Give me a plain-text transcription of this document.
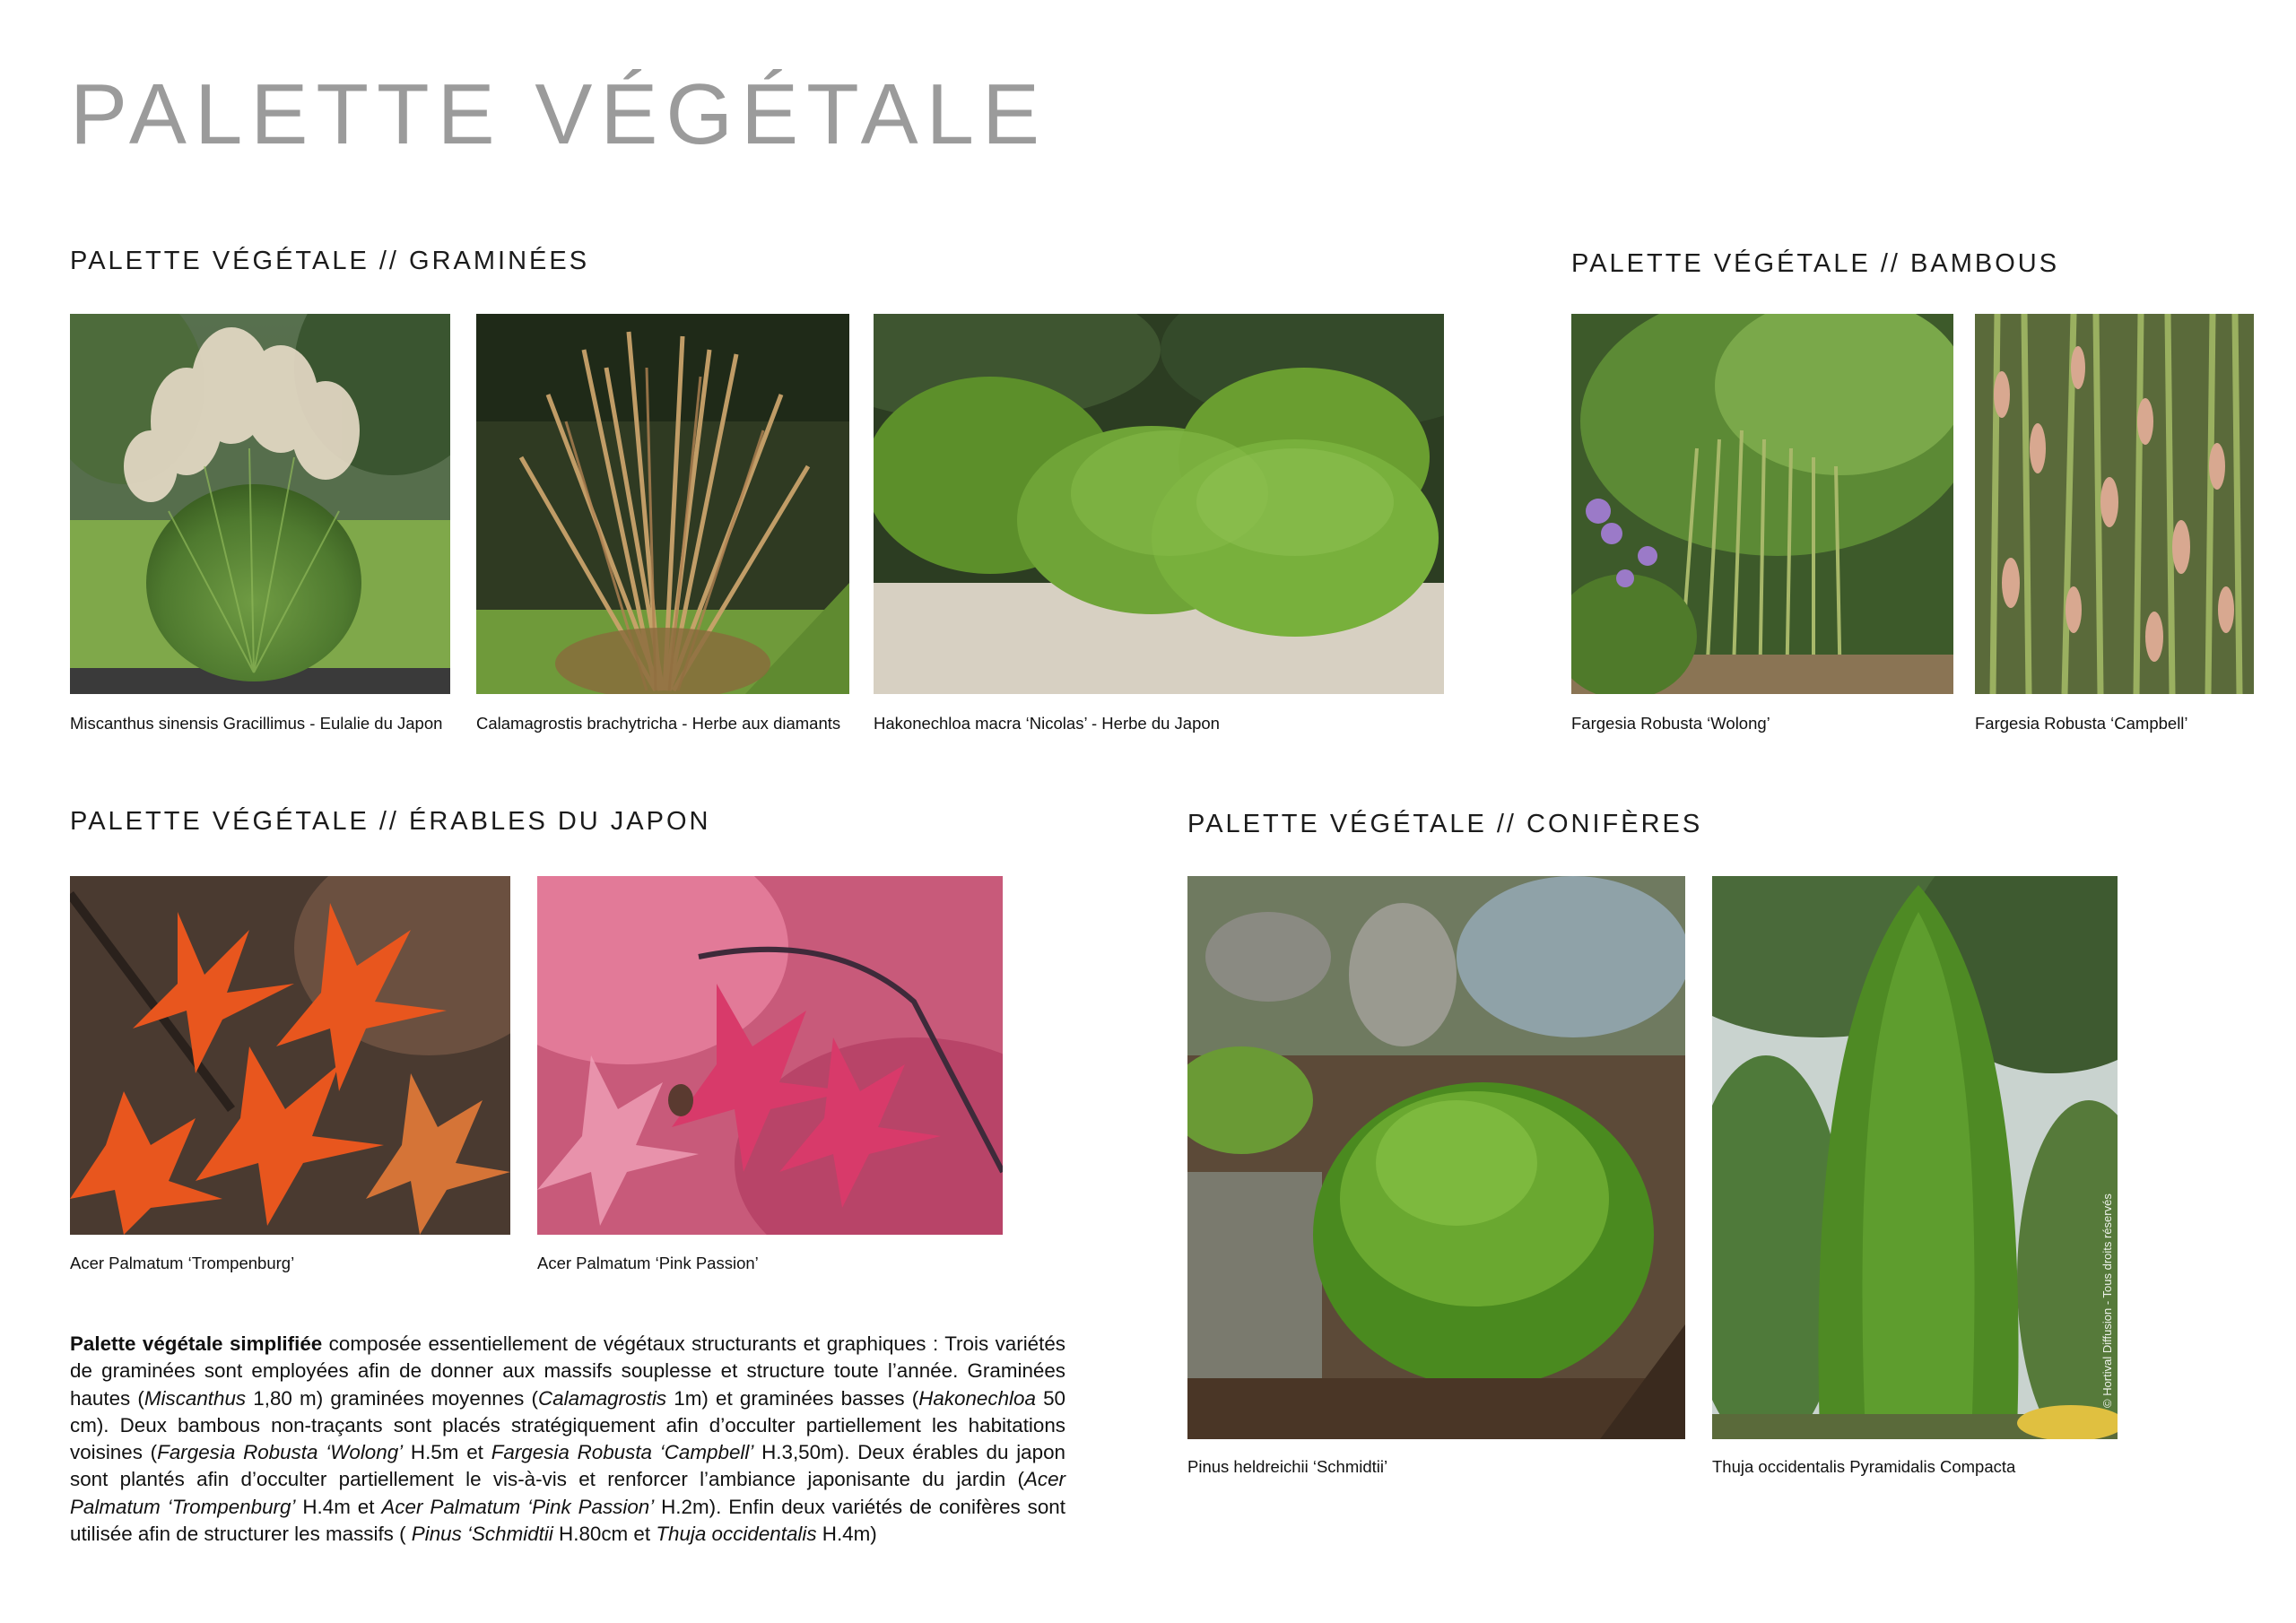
PALETTE VÉGÉTALE
PALETTE VÉGÉTALE // GRAMINÉES	PALETTE VÉGÉTALE // BAMBOUS
PALETTE VÉGÉTALE // ÉRABLES DU JAPON	PALETTE VÉGÉTALE // CONIFÈRES
Miscanthus sinensis Gracillimus - Eulalie du Japon Calamagrostis brachytricha - Herbe aux diamants Hakonechloa macra ‘Nicolas’ - Herbe du Japon	Fargesia Robusta ‘Wolong’	Fargesia Robusta ‘Campbell’
Acer Palmatum ‘Trompenburg’	Acer Palmatum ‘Pink Passion’
Pinus heldreichii ‘Schmidtii’
© Hortival Diffusion - Tous droits réservés
Thuja occidentalis Pyramidalis Compacta
Palette végétale simplifiée composée essentiellement de végétaux structurants et graphiques : Trois variétés de graminées sont employées afin de donner aux massifs souplesse et structure toute l’année. Graminées hautes (Miscanthus 1,80 m) graminées moyennes (Calamagrostis 1m) et graminées basses (Hakonechloa 50 cm). Deux bambous non-traçants sont placés stratégiquement afin d’occulter partiellement les habitations voisines (Fargesia Robusta ‘Wolong’ H.5m et Fargesia Robusta ‘Campbell’ H.3,50m). Deux érables du japon sont plantés afin d’occulter partiellement le vis-à-vis et renforcer l’ambiance japonisante du jardin (Acer Palmatum ‘Trompenburg’ H.4m et Acer Palmatum ‘Pink Passion’ H.2m). Enfin deux variétés de conifères sont utilisée afin de structurer les massifs ( Pinus ‘Schmidtii H.80cm et Thuja occidentalis H.4m)
